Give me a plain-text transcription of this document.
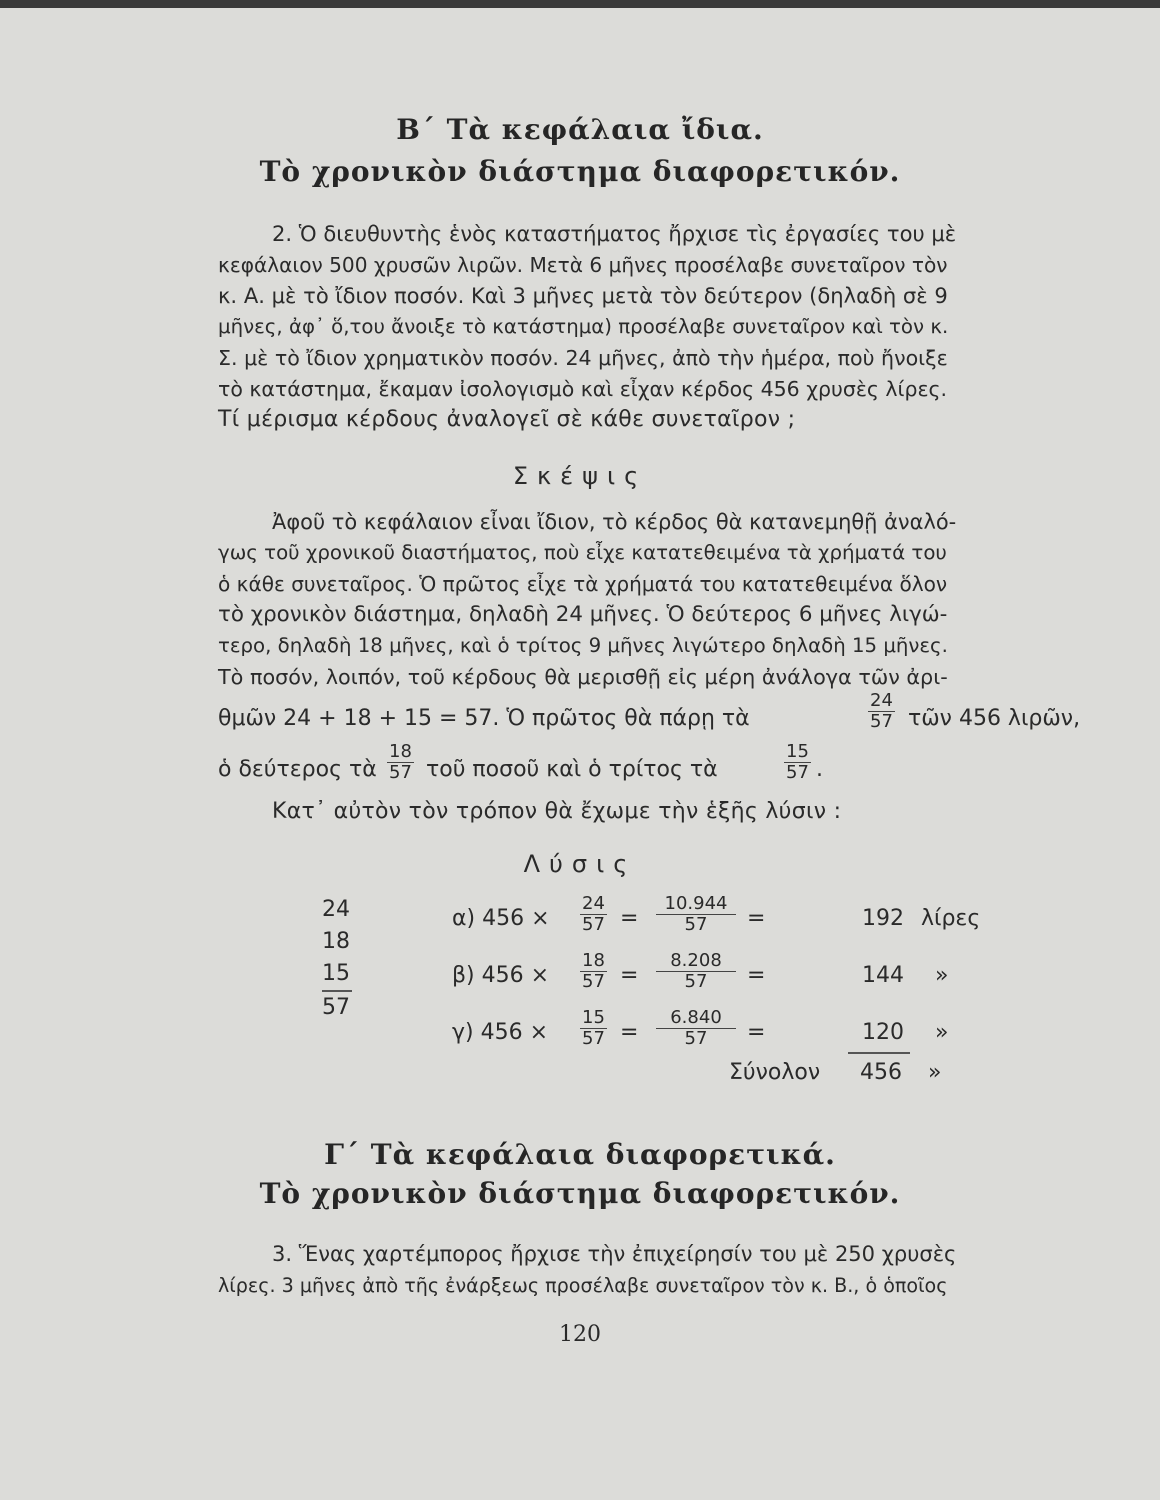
Β΄ Τὰ κεφάλαια ἴδια.
Τὸ χρονικὸν διάστημα διαφορετικόν.
2. Ὁ διευθυντὴς ἑνὸς καταστήματος ἤρχισε τὶς ἐργασίες του μὲ
κεφάλαιον 500 χρυσῶν λιρῶν. Μετὰ 6 μῆνες προσέλαβε συνεταῖρον τὸν
κ. Α. μὲ τὸ ἴδιον ποσόν. Καὶ 3 μῆνες μετὰ τὸν δεύτερον (δηλαδὴ σὲ 9
μῆνες, ἀφ᾽ ὅ,του ἄνοιξε τὸ κατάστημα) προσέλαβε συνεταῖρον καὶ τὸν κ.
Σ. μὲ τὸ ἴδιον χρηματικὸν ποσόν. 24 μῆνες, ἀπὸ τὴν ἡμέρα, ποὺ ἤνοιξε
τὸ κατάστημα, ἔκαμαν ἰσολογισμὸ καὶ εἶχαν κέρδος 456 χρυσὲς λίρες.
Τί μέρισμα κέρδους ἀναλογεῖ σὲ κάθε συνεταῖρον ;
Σκέψις
Ἀφοῦ τὸ κεφάλαιον εἶναι ἴδιον, τὸ κέρδος θὰ κατανεμηθῇ ἀναλό-
γως τοῦ χρονικοῦ διαστήματος, ποὺ εἶχε κατατεθειμένα τὰ χρήματά του
ὁ κάθε συνεταῖρος. Ὁ πρῶτος εἶχε τὰ χρήματά του κατατεθειμένα ὅλον
τὸ χρονικὸν διάστημα, δηλαδὴ 24 μῆνες. Ὁ δεύτερος 6 μῆνες λιγώ-
τερο, δηλαδὴ 18 μῆνες, καὶ ὁ τρίτος 9 μῆνες λιγώτερο δηλαδὴ 15 μῆνες.
Τὸ ποσόν, λοιπόν, τοῦ κέρδους θὰ μερισθῇ εἰς μέρη ἀνάλογα τῶν ἀρι-
θμῶν 24 + 18 + 15 = 57. Ὁ πρῶτος θὰ πάρῃ τὰ	$\frac{24}{57}$ τῶν 456 λιρῶν,
ὁ δεύτερος τὰ $\frac{18}{57}$ τοῦ ποσοῦ καὶ ὁ τρίτος τὰ	$\frac{15}{57}$ .
Κατ᾽ αὐτὸν τὸν τρόπον θὰ ἔχωμε τὴν ἑξῆς λύσιν :
Λύσις
24
18
15
57
α) $456 \times \frac{24}{57} = \frac{10.944}{57}$ =	192 λίρες
β) $456 \times \frac{18}{57} = \frac{8.208}{57}$ =	144 »
γ) $456 \times \frac{15}{57} = \frac{6.840}{57}$ =	120 »
Σύνολον 456 »
Γ΄ Τὰ κεφάλαια διαφορετικά.
Τὸ χρονικὸν διάστημα διαφορετικόν.
3. Ἕνας χαρτέμπορος ἤρχισε τὴν ἐπιχείρησίν του μὲ 250 χρυσὲς
λίρες. 3 μῆνες ἀπὸ τῆς ἐνάρξεως προσέλαβε συνεταῖρον τὸν κ. Β., ὁ ὁποῖος
120
